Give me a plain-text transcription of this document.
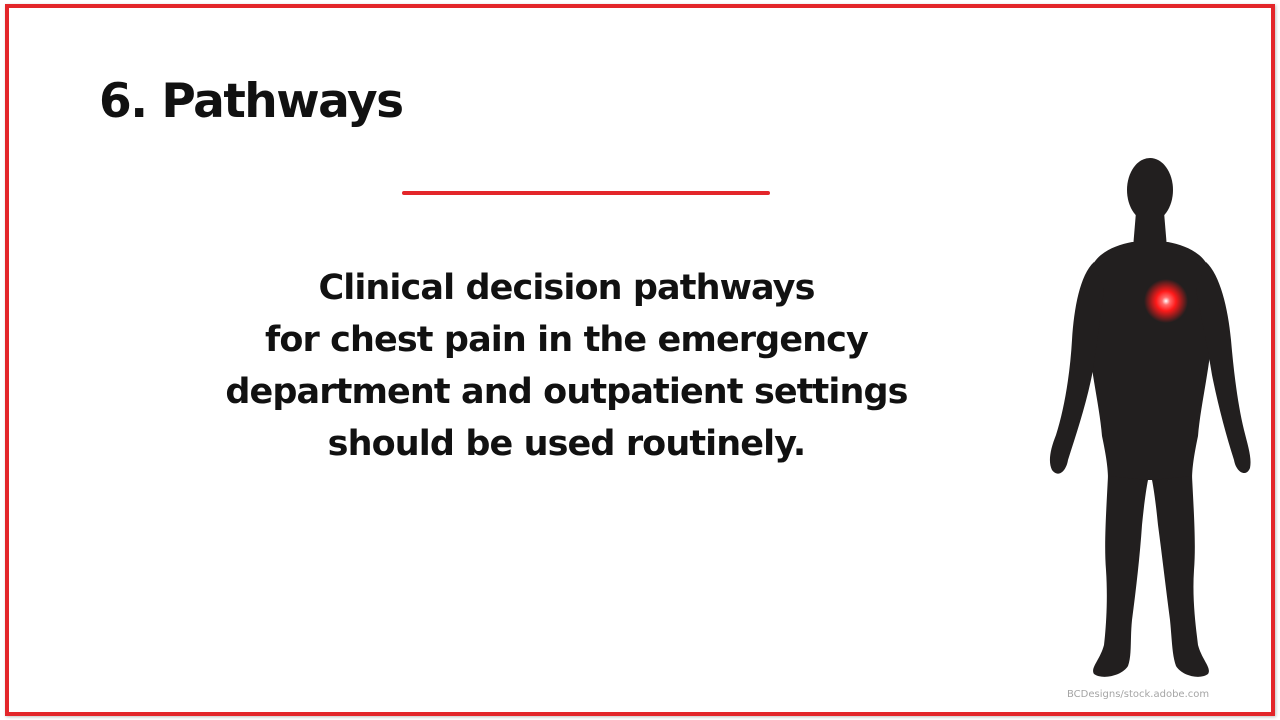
6. Pathways
Clinical decision pathways
for chest pain in the emergency
department and outpatient settings
should be used routinely.
BCDesigns/stock.adobe.com
